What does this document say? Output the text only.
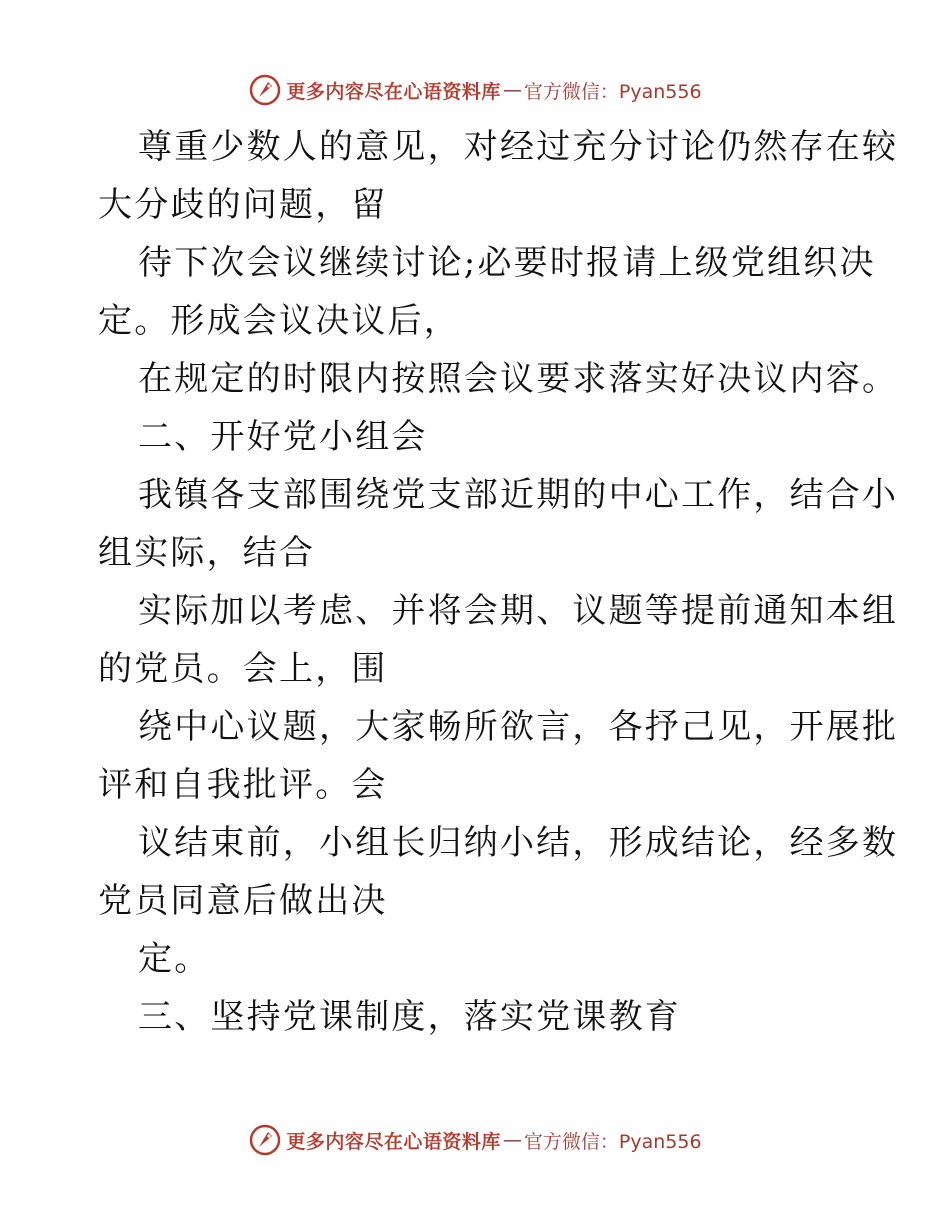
更多内容尽在心语资料库 — 官方微信：Pyan556
尊重少数人的意见，对经过充分讨论仍然存在较
大分歧的问题，留
待下次会议继续讨论;必要时报请上级党组织决
定。形成会议决议后，
在规定的时限内按照会议要求落实好决议内容。
二、开好党小组会
我镇各支部围绕党支部近期的中心工作，结合小
组实际，结合
实际加以考虑、并将会期、议题等提前通知本组
的党员。会上，围
绕中心议题，大家畅所欲言，各抒己见，开展批
评和自我批评。会
议结束前，小组长归纳小结，形成结论，经多数
党员同意后做出决
定。
三、坚持党课制度，落实党课教育
更多内容尽在心语资料库 — 官方微信：Pyan556
